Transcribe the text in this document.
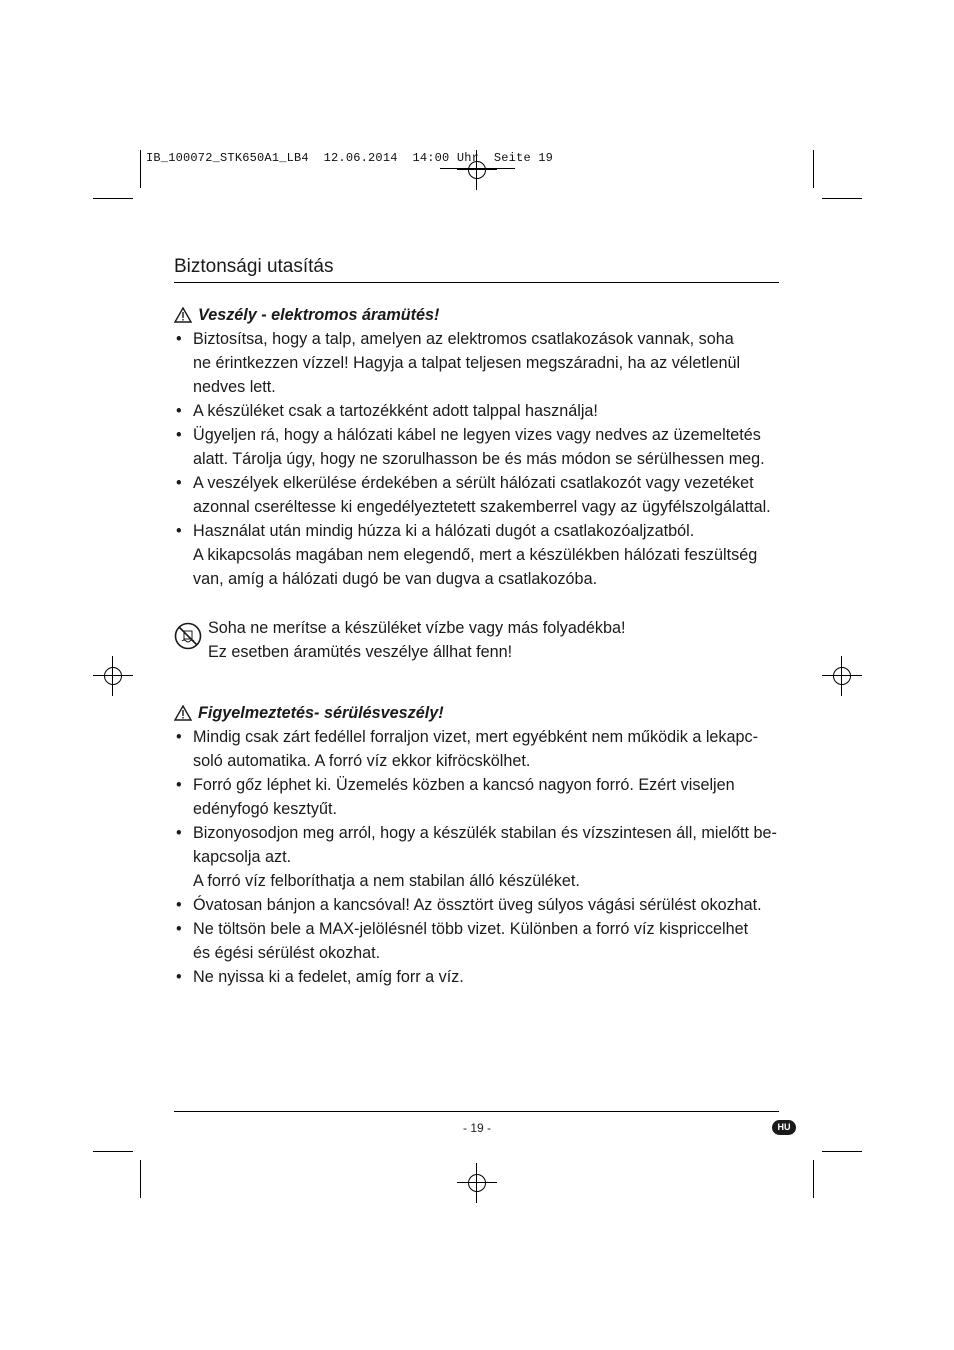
IB_100072_STK650A1_LB4  12.06.2014  14:00 Uhr  Seite 19
Biztonsági utasítás
Veszély - elektromos áramütés!
• Biztosítsa, hogy a talp, amelyen az elektromos csatlakozások vannak, soha
ne érintkezzen vízzel! Hagyja a talpat teljesen megszáradni, ha az véletlenül
nedves lett.
• A készüléket csak a tartozékként adott talppal használja!
• Ügyeljen rá, hogy a hálózati kábel ne legyen vizes vagy nedves az üzemeltetés
alatt. Tárolja úgy, hogy ne szorulhasson be és más módon se sérülhessen meg.
• A veszélyek elkerülése érdekében a sérült hálózati csatlakozót vagy vezetéket
azonnal cseréltesse ki engedélyeztetett szakemberrel vagy az ügyfélszolgálattal.
• Használat után mindig húzza ki a hálózati dugót a csatlakozóaljzatból.
A kikapcsolás magában nem elegendő, mert a készülékben hálózati feszültség
van, amíg a hálózati dugó be van dugva a csatlakozóba.
Soha ne merítse a készüléket vízbe vagy más folyadékba!
Ez esetben áramütés veszélye állhat fenn!
Figyelmeztetés- sérülésveszély!
• Mindig csak zárt fedéllel forraljon vizet, mert egyébként nem működik a lekapc-
soló automatika. A forró víz ekkor kifröcskölhet.
• Forró gőz léphet ki. Üzemelés közben a kancsó nagyon forró. Ezért viseljen
edényfogó kesztyűt.
• Bizonyosodjon meg arról, hogy a készülék stabilan és vízszintesen áll, mielőtt be-
kapcsolja azt.
A forró víz felboríthatja a nem stabilan álló készüléket.
• Óvatosan bánjon a kancsóval! Az össztört üveg súlyos vágási sérülést okozhat.
• Ne töltsön bele a MAX-jelölésnél több vizet. Különben a forró víz kispriccelhet
és égési sérülést okozhat.
• Ne nyissa ki a fedelet, amíg forr a víz.
- 19 -	HU
